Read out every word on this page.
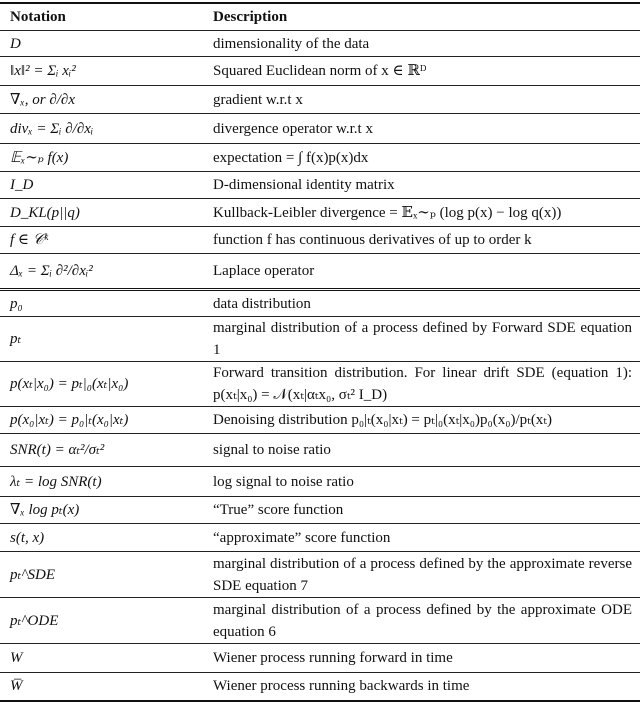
Notation	Description
D	dimensionality of the data
‖x‖² = Σᵢ xᵢ²	Squared Euclidean norm of x ∈ ℝᴰ
∇ₓ, or ∂/∂x	gradient w.r.t x
divₓ = Σᵢ ∂/∂xᵢ	divergence operator w.r.t x
𝔼ₓ∼ₚ f(x)	expectation = ∫ f(x)p(x)dx
I_D	D-dimensional identity matrix
D_KL(p||q)	Kullback-Leibler divergence = 𝔼ₓ∼ₚ (log p(x) − log q(x))
f ∈ 𝒞ᵏ	function f has continuous derivatives of up to order k
Δₓ = Σᵢ ∂²/∂xᵢ²	Laplace operator
p₀	data distribution
pₜ	marginal distribution of a process defined by Forward SDE equation 1
p(xₜ|x₀) = pₜ|₀(xₜ|x₀)	Forward transition distribution. For linear drift SDE (equation 1): p(xₜ|x₀) = 𝒩(xₜ|αₜx₀, σₜ² I_D)
p(x₀|xₜ) = p₀|ₜ(x₀|xₜ)	Denoising distribution p₀|ₜ(x₀|xₜ) = pₜ|₀(xₜ|x₀)p₀(x₀)/pₜ(xₜ)
SNR(t) = αₜ²/σₜ²	signal to noise ratio
λₜ = log SNR(t)	log signal to noise ratio
∇ₓ log pₜ(x)	“True” score function
s(t, x)	“approximate” score function
pₜ^SDE	marginal distribution of a process defined by the approximate reverse SDE equation 7
pₜ^ODE	marginal distribution of a process defined by the approximate ODE equation 6
W	Wiener process running forward in time
W̅	Wiener process running backwards in time
